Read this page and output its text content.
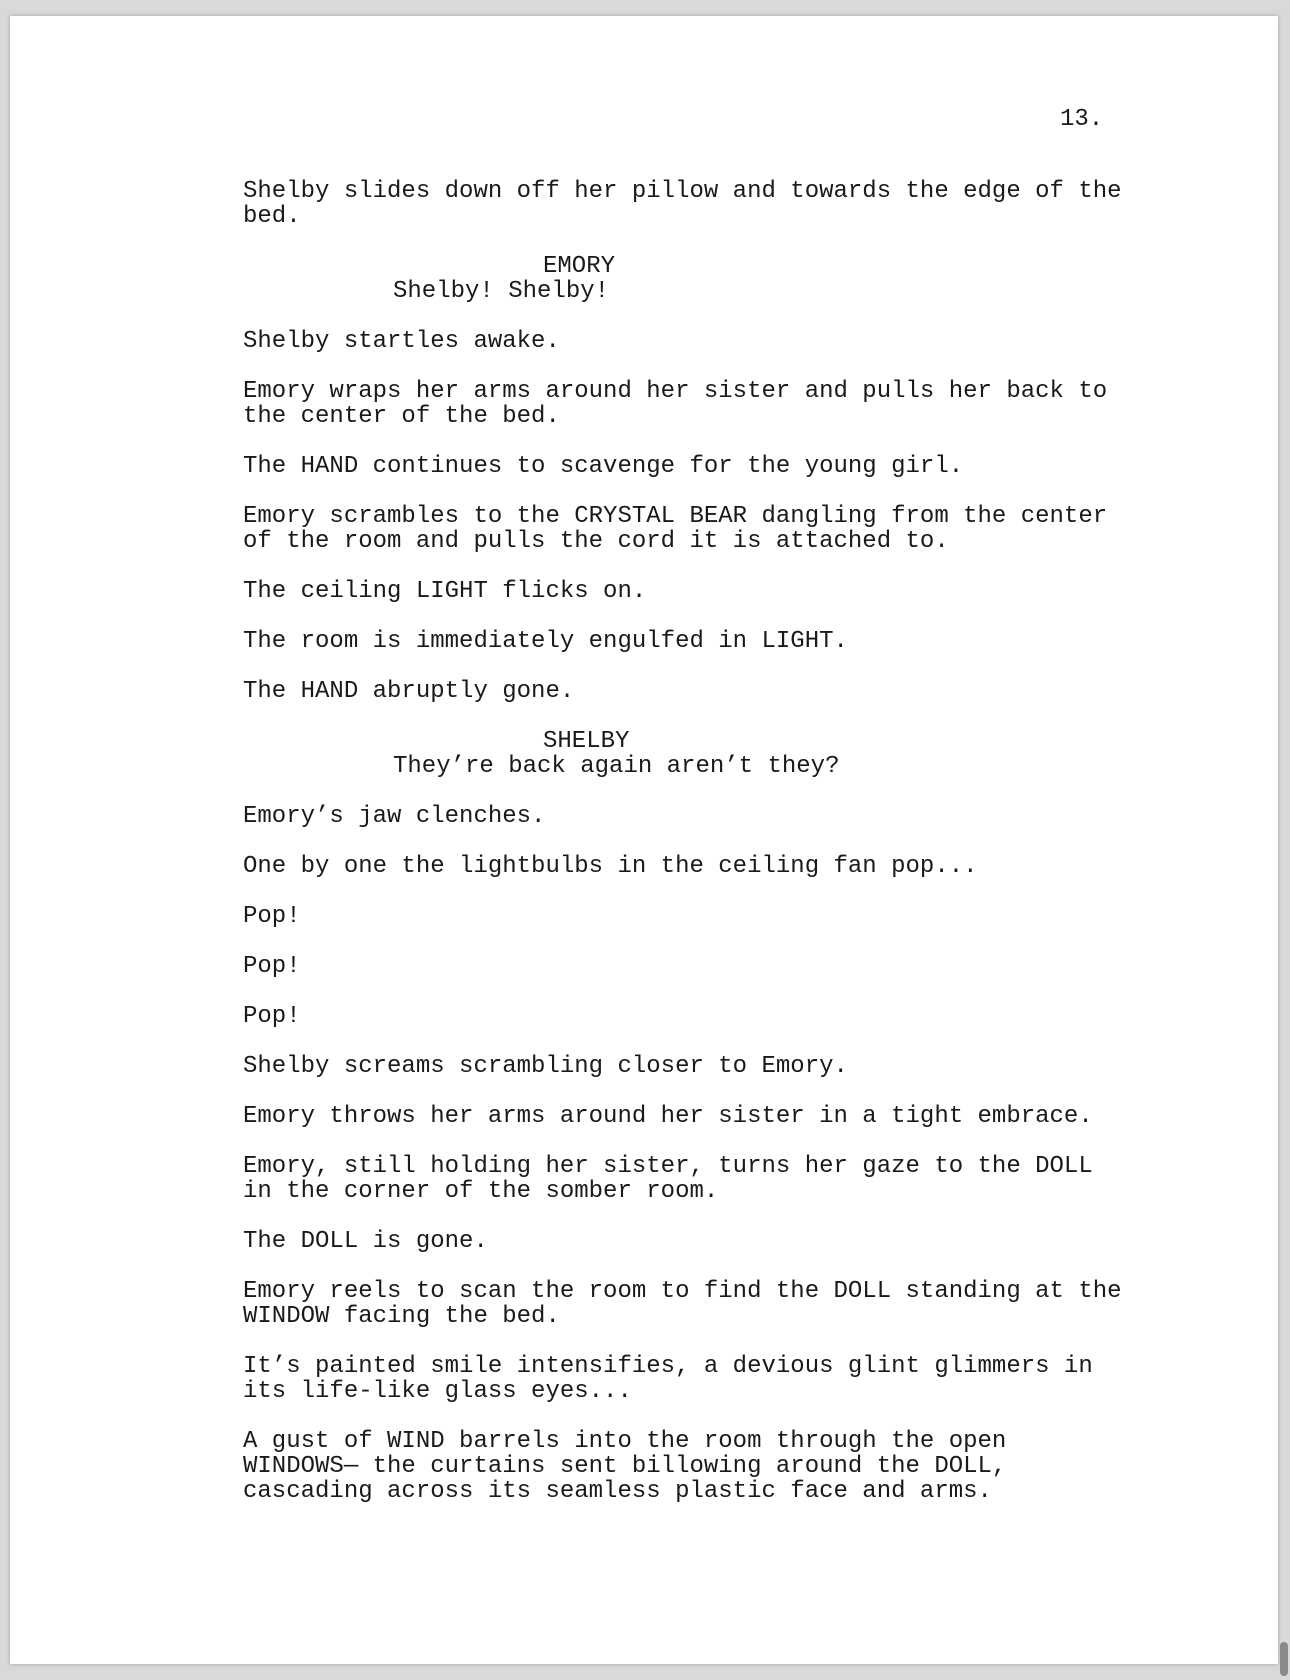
13.
Shelby slides down off her pillow and towards the edge of the
bed.
EMORY
Shelby! Shelby!
Shelby startles awake.
Emory wraps her arms around her sister and pulls her back to
the center of the bed.
The HAND continues to scavenge for the young girl.
Emory scrambles to the CRYSTAL BEAR dangling from the center
of the room and pulls the cord it is attached to.
The ceiling LIGHT flicks on.
The room is immediately engulfed in LIGHT.
The HAND abruptly gone.
SHELBY
They’re back again aren’t they?
Emory’s jaw clenches.
One by one the lightbulbs in the ceiling fan pop...
Pop!
Pop!
Pop!
Shelby screams scrambling closer to Emory.
Emory throws her arms around her sister in a tight embrace.
Emory, still holding her sister, turns her gaze to the DOLL
in the corner of the somber room.
The DOLL is gone.
Emory reels to scan the room to find the DOLL standing at the
WINDOW facing the bed.
It’s painted smile intensifies, a devious glint glimmers in
its life-like glass eyes...
A gust of WIND barrels into the room through the open
WINDOWS— the curtains sent billowing around the DOLL,
cascading across its seamless plastic face and arms.
